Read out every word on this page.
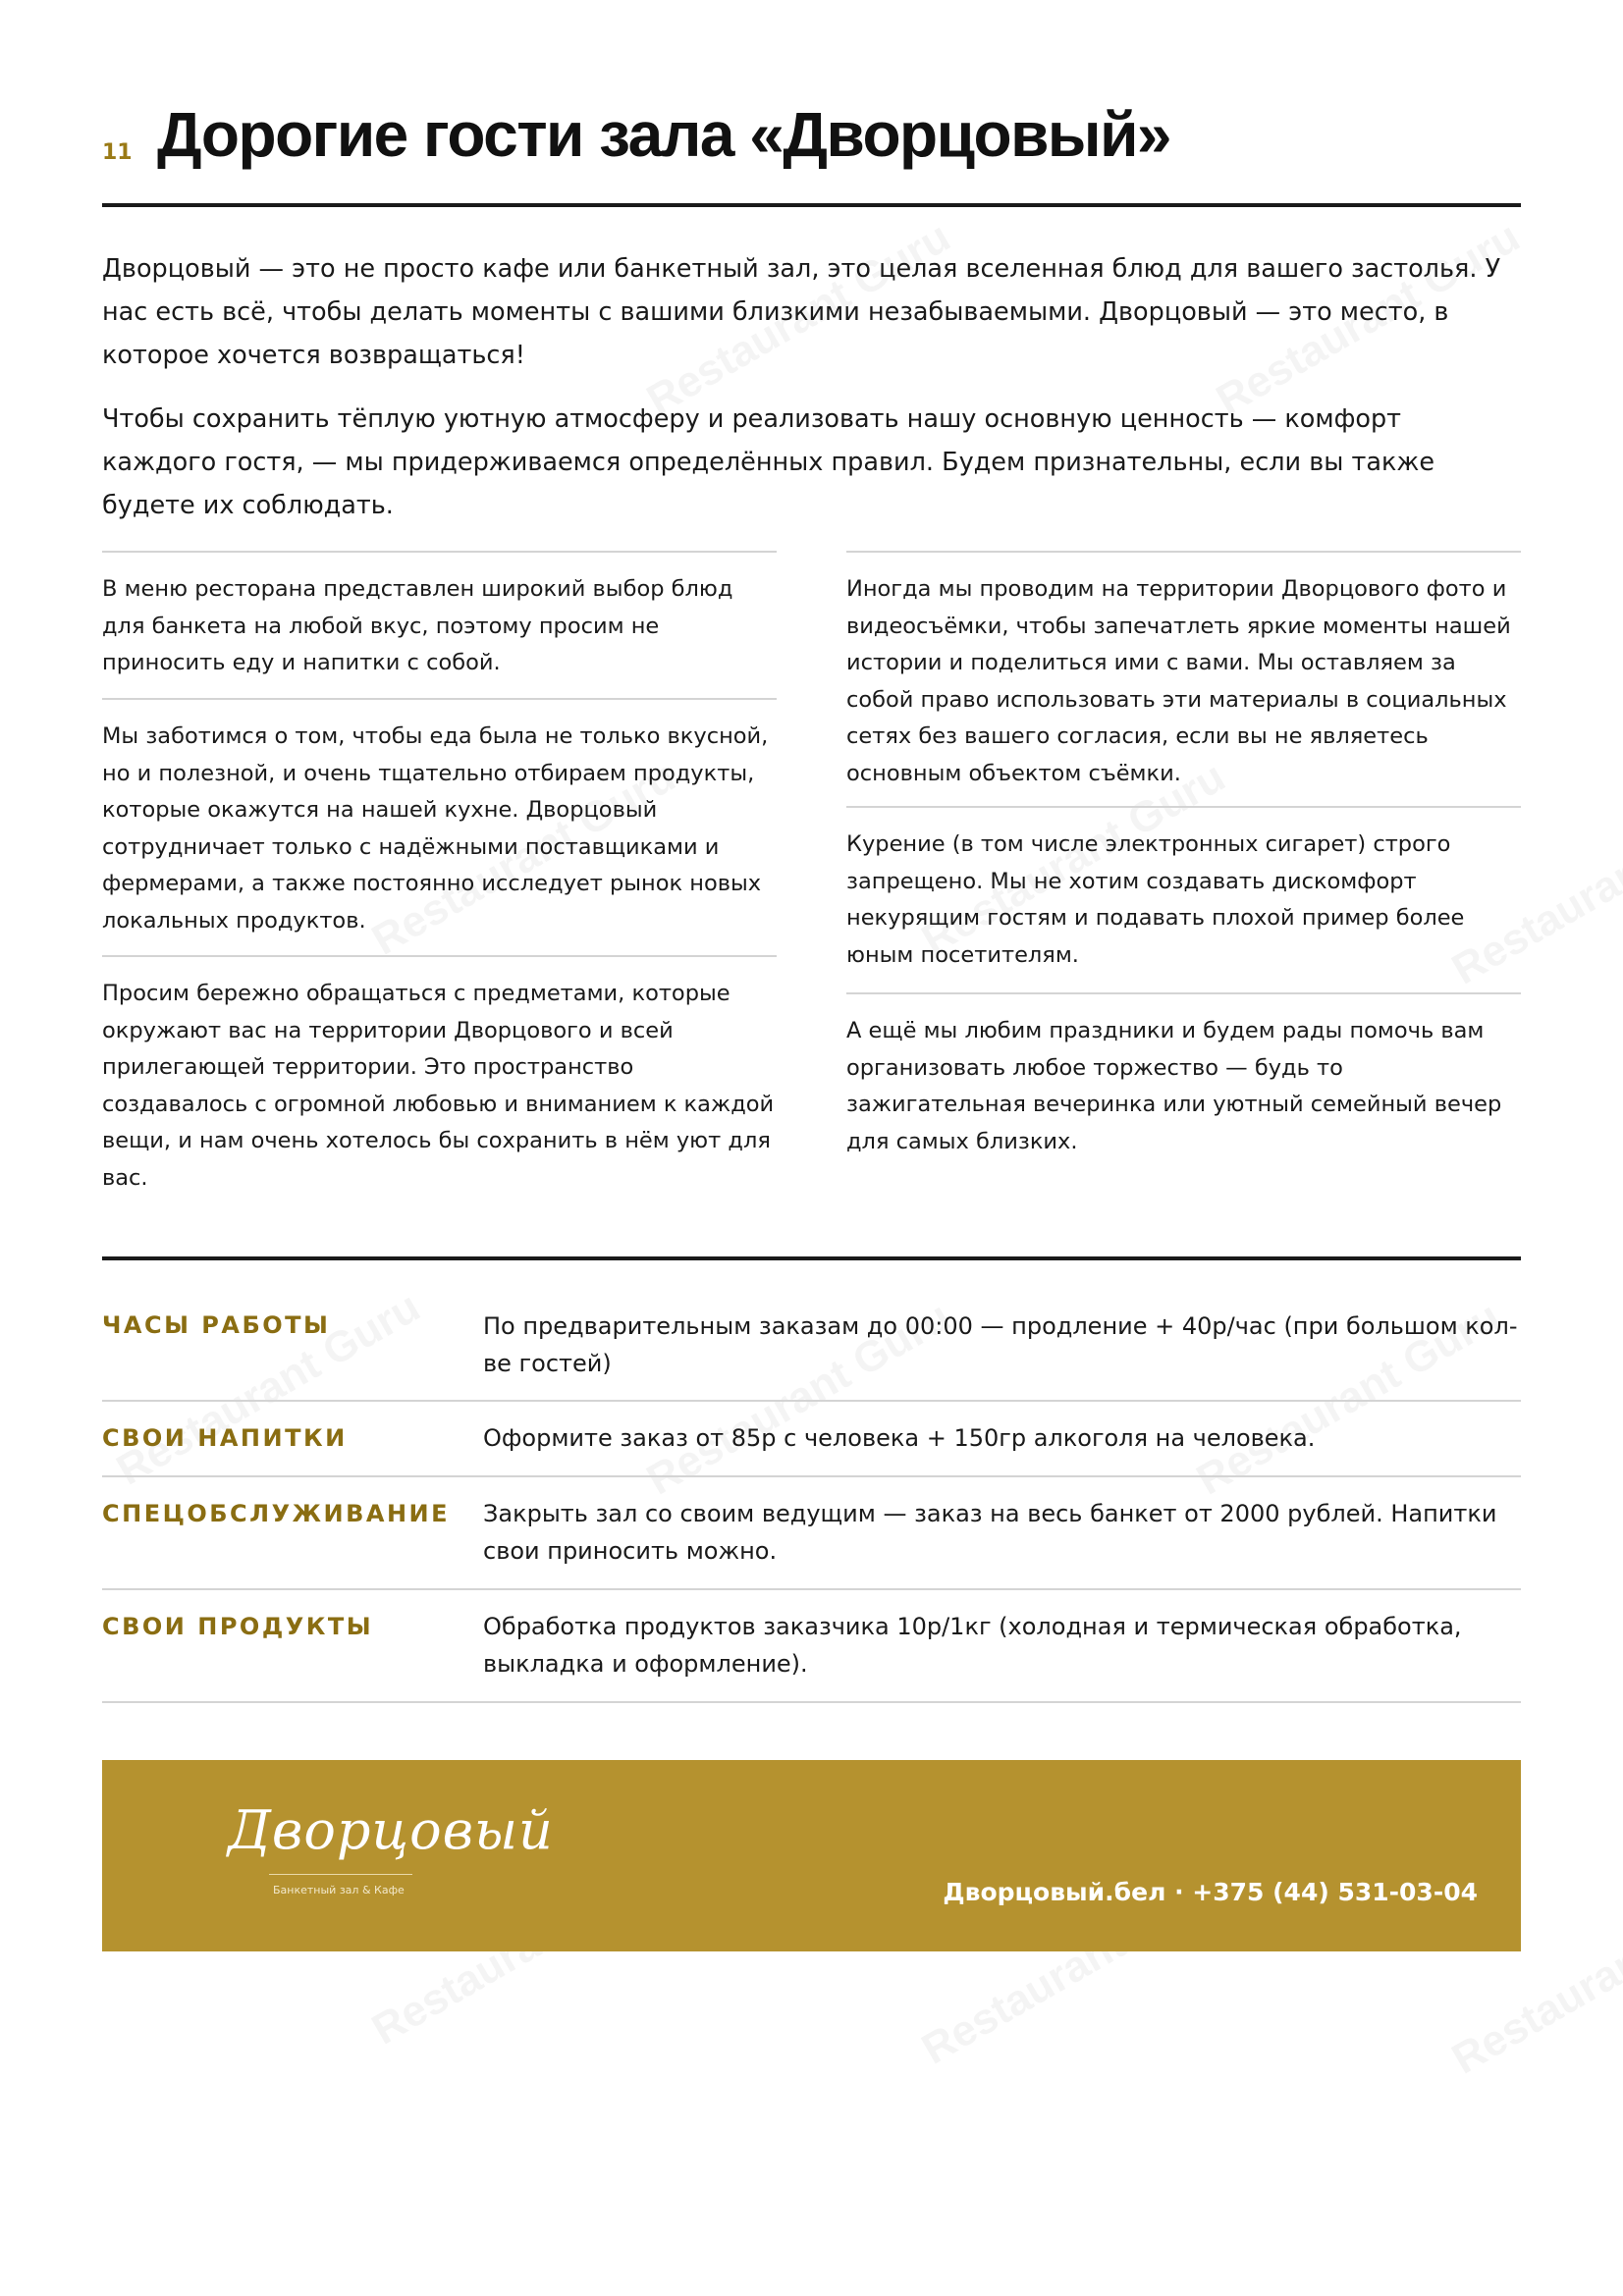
11 Дорогие гости зала «Дворцовый»

Дворцовый — это не просто кафе или банкетный зал, это целая вселенная блюд для вашего застолья. У нас есть всё, чтобы делать моменты с вашими близкими незабываемыми. Дворцовый — это место, в которое хочется возвращаться!

Чтобы сохранить тёплую уютную атмосферу и реализовать нашу основную ценность — комфорт каждого гостя, — мы придерживаемся определённых правил. Будем признательны, если вы также будете их соблюдать.

В меню ресторана представлен широкий выбор блюд для банкета на любой вкус, поэтому просим не приносить еду и напитки с собой.

Мы заботимся о том, чтобы еда была не только вкусной, но и полезной, и очень тщательно отбираем продукты, которые окажутся на нашей кухне. Дворцовый сотрудничает только с надёжными поставщиками и фермерами, а также постоянно исследует рынок новых локальных продуктов.

Просим бережно обращаться с предметами, которые окружают вас на территории Дворцового и всей прилегающей территории. Это пространство создавалось с огромной любовью и вниманием к каждой вещи, и нам очень хотелось бы сохранить в нём уют для вас.

Иногда мы проводим на территории Дворцового фото и видеосъёмки, чтобы запечатлеть яркие моменты нашей истории и поделиться ими с вами. Мы оставляем за собой право использовать эти материалы в социальных сетях без вашего согласия, если вы не являетесь основным объектом съёмки.

Курение (в том числе электронных сигарет) строго запрещено. Мы не хотим создавать дискомфорт некурящим гостям и подавать плохой пример более юным посетителям.

А ещё мы любим праздники и будем рады помочь вам организовать любое торжество — будь то зажигательная вечеринка или уютный семейный вечер для самых близких.

ЧАСЫ РАБОТЫ	По предварительным заказам до 00:00 — продление + 40р/час (при большом кол-ве гостей)

СВОИ НАПИТКИ	Оформите заказ от 85р с человека + 150гр алкоголя на человека.

СПЕЦОБСЛУЖИВАНИЕ Закрыть зал со своим ведущим — заказ на весь банкет от 2000 рублей. Напитки свои приносить можно.

СВОИ ПРОДУКТЫ	Обработка продуктов заказчика 10р/1кг (холодная и термическая обработка, выкладка и оформление).

Дворцовый
Банкетный зал & Кафе	Дворцовый.бел · +375 (44) 531-03-04
